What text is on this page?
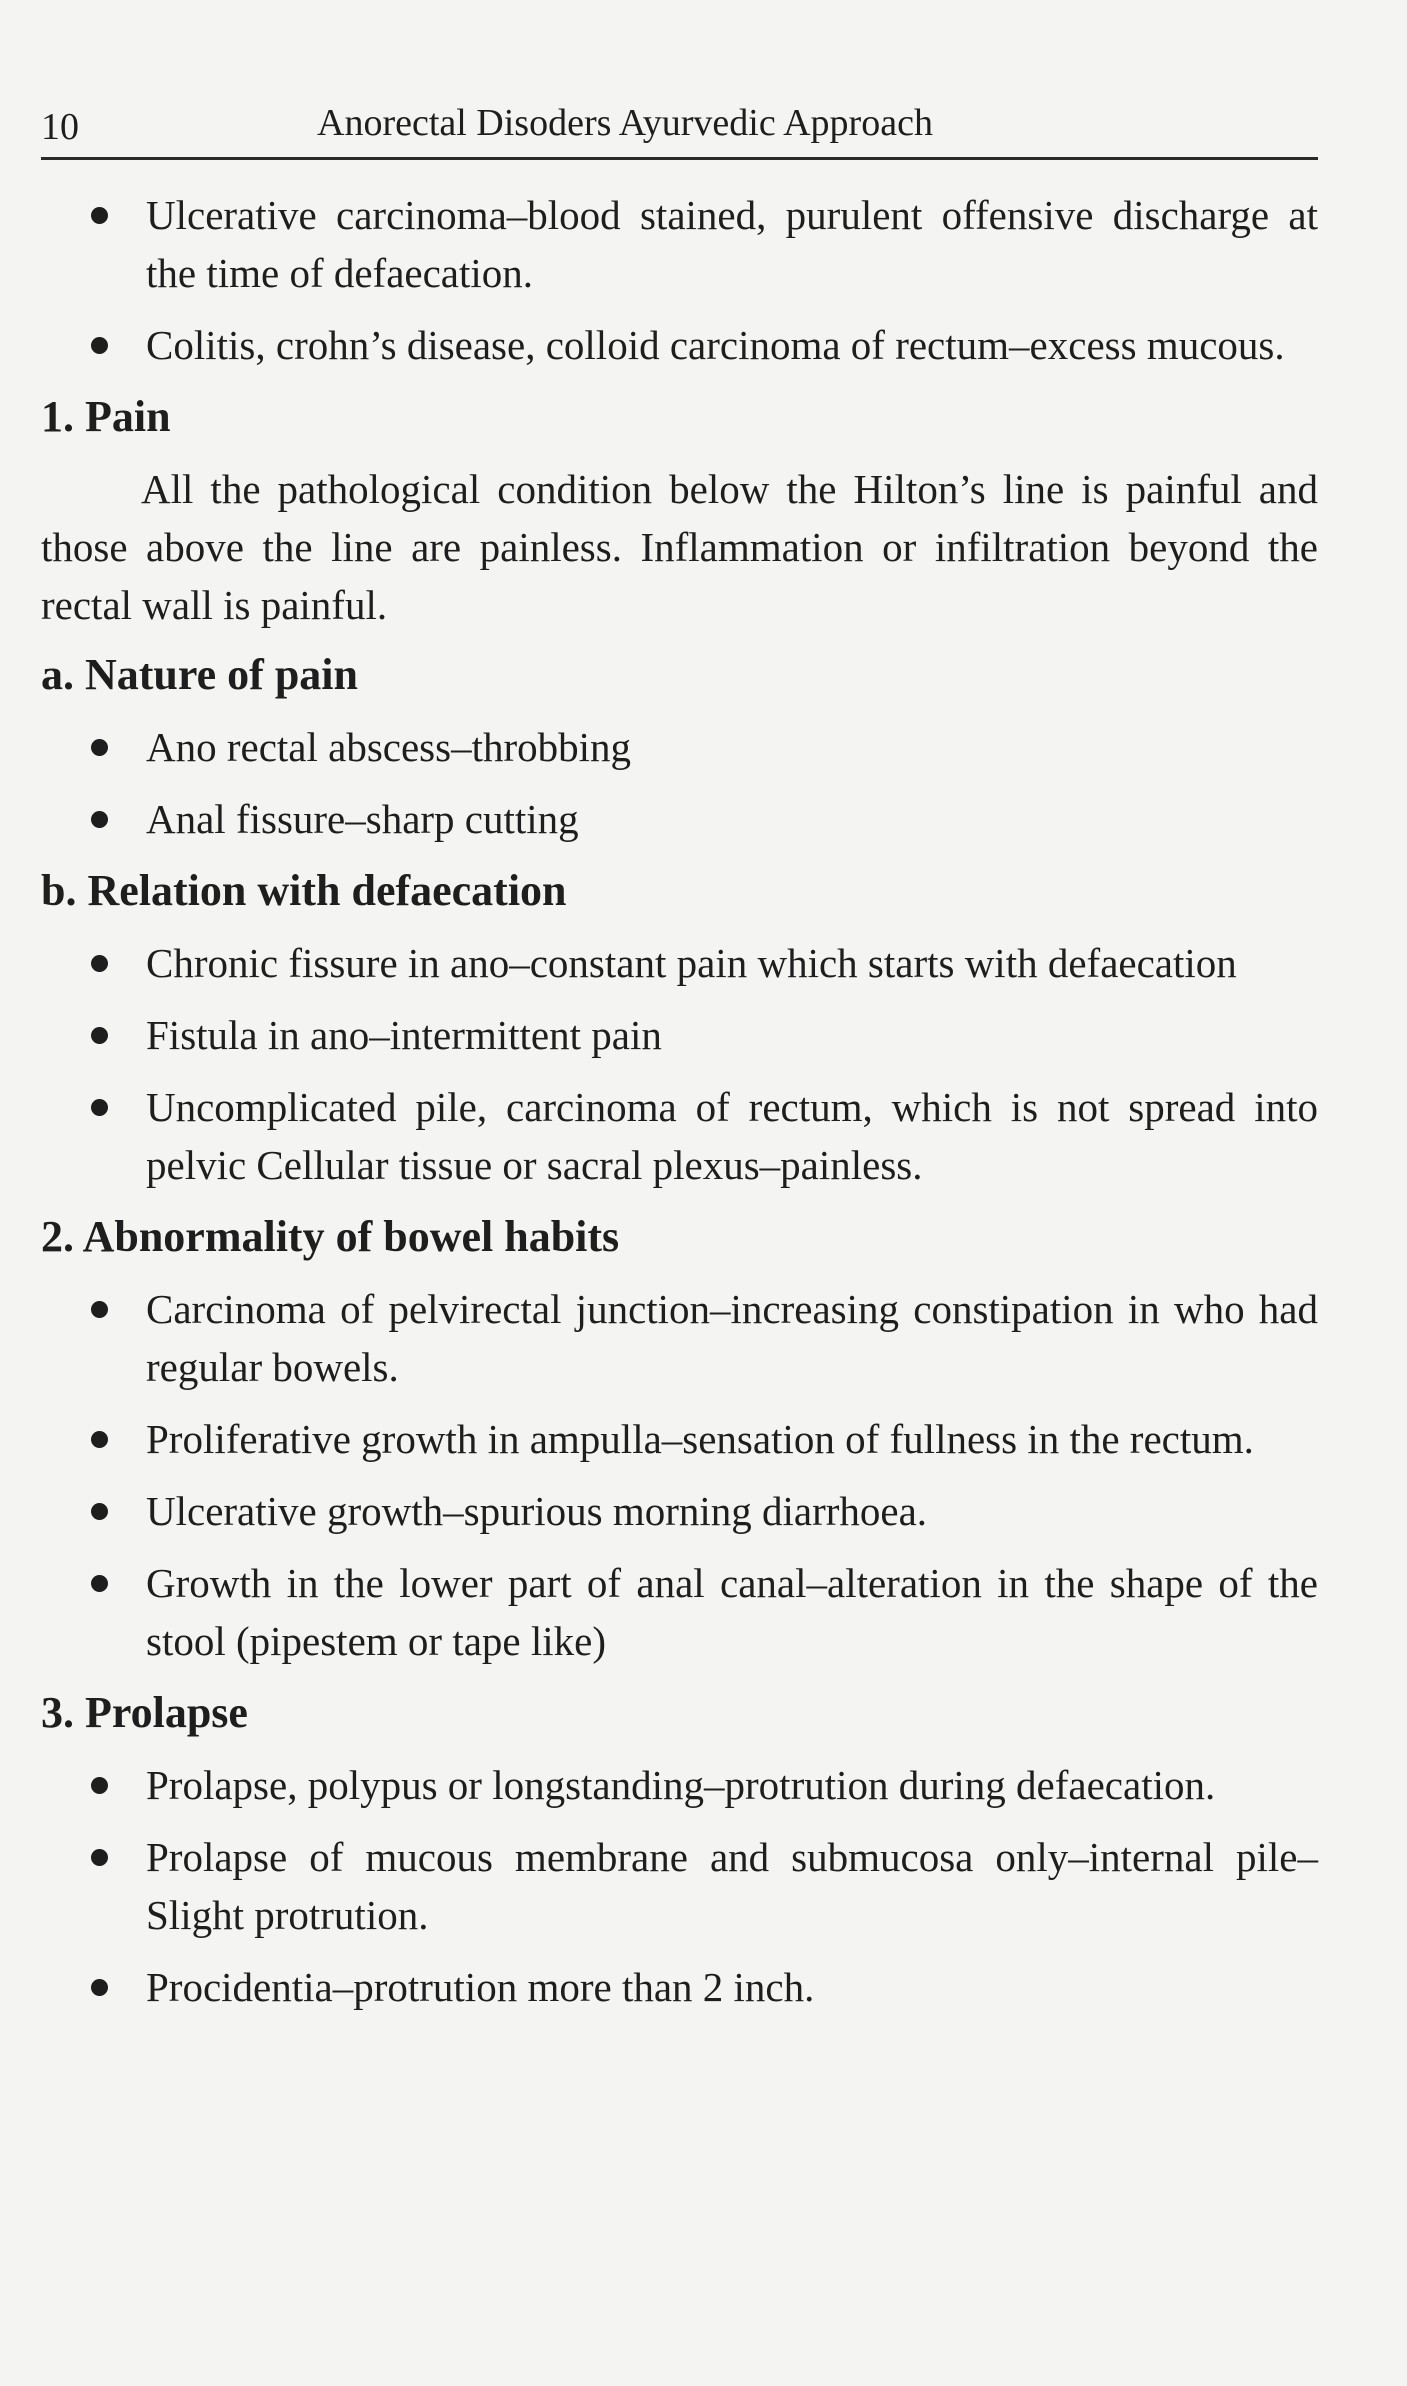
10	Anorectal Disoders Ayurvedic Approach
Ulcerative carcinoma–blood stained, purulent offensive discharge at the time of defaecation.
Colitis, crohn’s disease, colloid carcinoma of rectum–excess mucous.
1. Pain
All the pathological condition below the Hilton’s line is painful and those above the line are painless. Inflammation or infiltration beyond the rectal wall is painful.
a. Nature of pain
Ano rectal abscess–throbbing
Anal fissure–sharp cutting
b. Relation with defaecation
Chronic fissure in ano–constant pain which starts with defaecation
Fistula in ano–intermittent pain
Uncomplicated pile, carcinoma of rectum, which is not spread into pelvic Cellular tissue or sacral plexus–painless.
2. Abnormality of bowel habits
Carcinoma of pelvirectal junction–increasing constipation in who had regular bowels.
Proliferative growth in ampulla–sensation of fullness in the rectum.
Ulcerative growth–spurious morning diarrhoea.
Growth in the lower part of anal canal–alteration in the shape of the stool (pipestem or tape like)
3. Prolapse
Prolapse, polypus or longstanding–protrution during defaecation.
Prolapse of mucous membrane and submucosa only–internal pile–Slight protrution.
Procidentia–protrution more than 2 inch.
